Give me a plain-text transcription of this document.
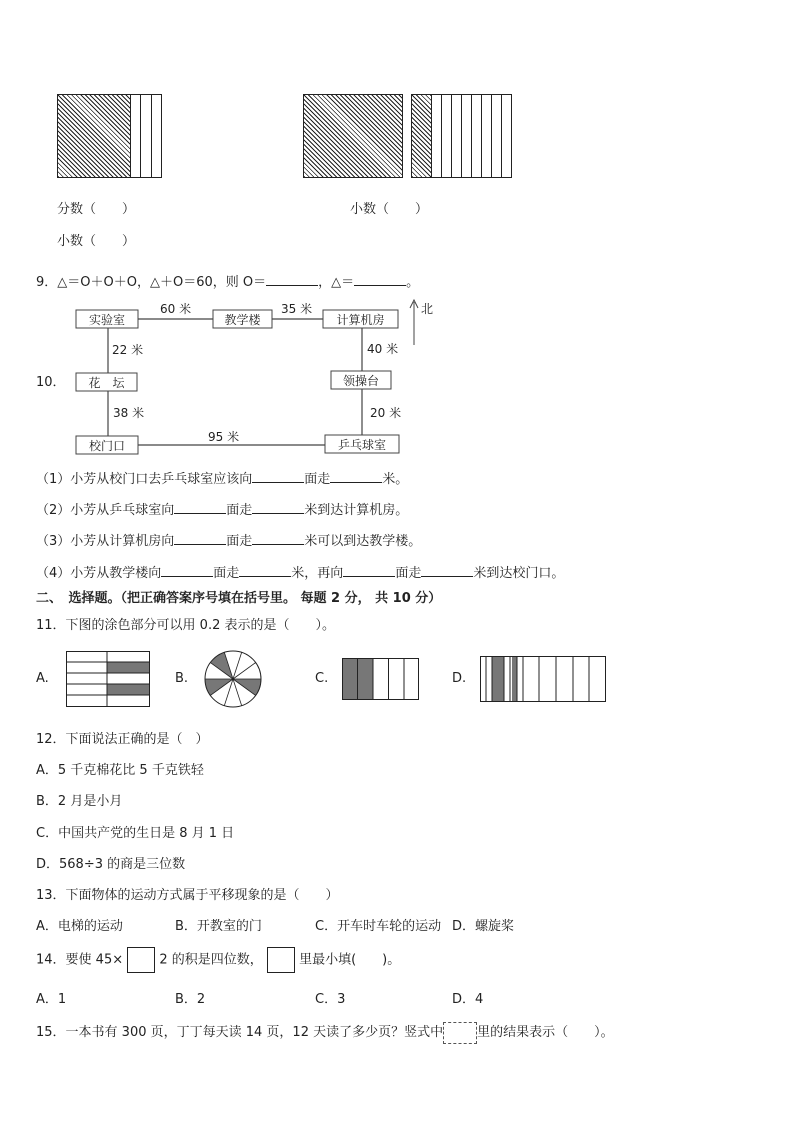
分数（　　）	小数（　　）
小数（　　）
9．△＝O＋O＋O，△＋O＝60，则 O＝	，△＝	。
10．
实验室	教学楼	计算机房
花　坛	领操台
校门口	乒乓球室
60 米	35 米
22 米	40 米
38 米	20 米
95 米
北
（1）小芳从校门口去乒乓球室应该向	面走	米。
（2）小芳从乒乓球室向	面走	米到达计算机房。
（3）小芳从计算机房向	面走	米可以到达教学楼。
（4）小芳从教学楼向	面走	米，再向	面走	米到达校门口。
二、　选择题。（把正确答案序号填在括号里。 每题 2 分， 共 10 分）
11．下图的涂色部分可以用 0.2 表示的是（　　）。
A.	B.	C.	D.
12．下面说法正确的是（　）
A．5 千克棉花比 5 千克铁轻
B．2 月是小月
C．中国共产党的生日是 8 月 1 日
D．568÷3 的商是三位数
13．下面物体的运动方式属于平移现象的是（　　）
A．电梯的运动	B．开教室的门	C．开车时车轮的运动 D．螺旋桨
14．要使 45×	2 的积是四位数，	里最小填(　　)。
A．1	B．2	C．3	D．4
15．一本书有 300 页，丁丁每天读 14 页，12 天读了多少页？竖式中	里的结果表示（　　）。
